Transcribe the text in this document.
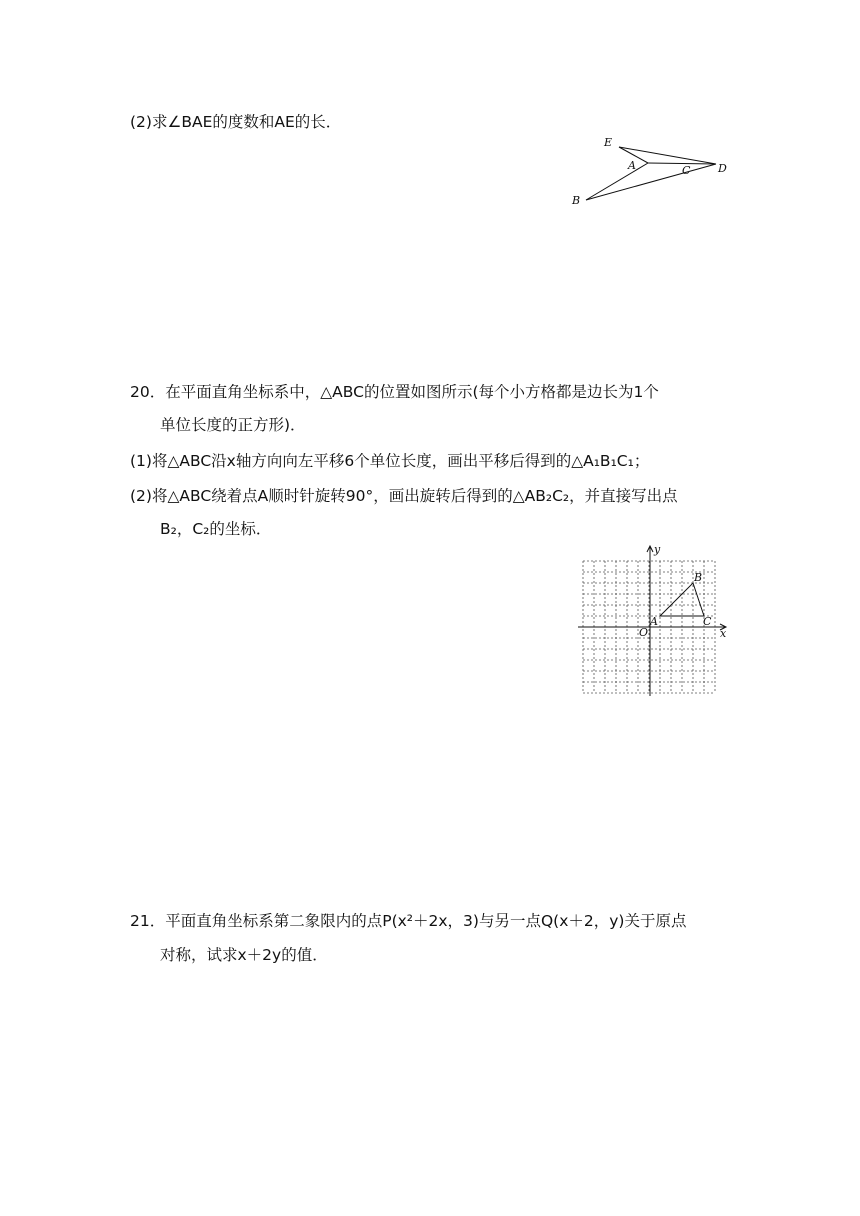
(2)求∠BAE的度数和AE的长．
E
A	C	D
B
20．在平面直角坐标系中，△ABC的位置如图所示(每个小方格都是边长为1个
单位长度的正方形)．
(1)将△ABC沿x轴方向向左平移6个单位长度，画出平移后得到的△A₁B₁C₁；
(2)将△ABC绕着点A顺时针旋转90°，画出旋转后得到的△AB₂C₂，并直接写出点
B₂，C₂的坐标．
y
x
O
A
B
C
21．平面直角坐标系第二象限内的点P(x²＋2x，3)与另一点Q(x＋2，y)关于原点
对称，试求x＋2y的值．
